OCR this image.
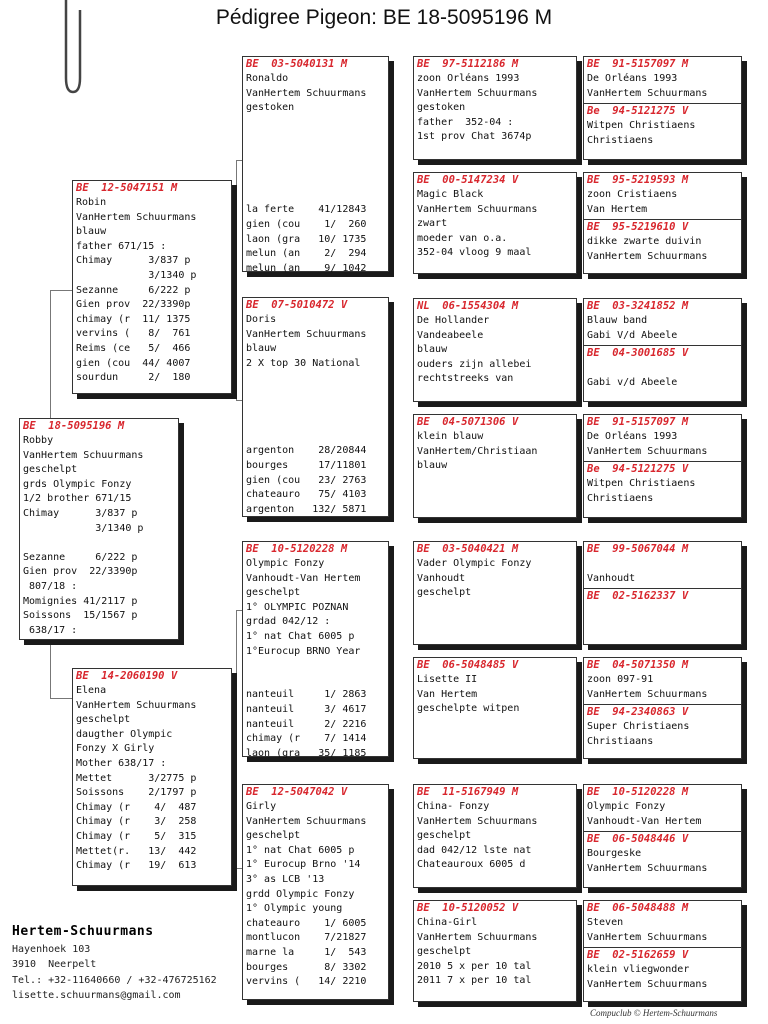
Pédigree Pigeon: BE 18-5095196 M
BE  18-5095196 M
Robby
VanHertem Schuurmans
geschelpt
grds Olympic Fonzy
1/2 brother 671/15
Chimay      3/837 p
3/1340 p
Sezanne     6/222 p
Gien prov  22/3390p
807/18 :
Momignies 41/2117 p
Soissons  15/1567 p
638/17 :
BE  12-5047151 M
Robin
VanHertem Schuurmans
blauw
father 671/15 :
Chimay      3/837 p
3/1340 p
Sezanne     6/222 p
Gien prov  22/3390p
chimay (r  11/ 1375
vervins (   8/  761
Reims (ce   5/  466
gien (cou  44/ 4007
sourdun     2/  180
BE  14-2060190 V
Elena
VanHertem Schuurmans
geschelpt
daugther Olympic
Fonzy X Girly
Mother 638/17 :
Mettet      3/2775 p
Soissons    2/1797 p
Chimay (r    4/  487
Chimay (r    3/  258
Chimay (r    5/  315
Mettet(r.   13/  442
Chimay (r   19/  613
BE  03-5040131 M
Ronaldo
VanHertem Schuurmans
gestoken
la ferte    41/12843
gien (cou    1/  260
laon (gra   10/ 1735
melun (an    2/  294
melun (an    9/ 1042
BE  07-5010472 V
Doris
VanHertem Schuurmans
blauw
2 X top 30 National
argenton    28/20844
bourges     17/11801
gien (cou   23/ 2763
chateauro   75/ 4103
argenton   132/ 5871
BE  10-5120228 M
Olympic Fonzy
Vanhoudt-Van Hertem
geschelpt
1° OLYMPIC POZNAN
grdad 042/12 :
1° nat Chat 6005 p
1°Eurocup BRNO Year
nanteuil     1/ 2863
nanteuil     3/ 4617
nanteuil     2/ 2216
chimay (r    7/ 1414
laon (gra   35/ 1185
BE  12-5047042 V
Girly
VanHertem Schuurmans
geschelpt
1° nat Chat 6005 p
1° Eurocup Brno '14
3° as LCB '13
grdd Olympic Fonzy
1° Olympic young
chateauro    1/ 6005
montlucon    7/21827
marne la     1/  543
bourges      8/ 3302
vervins (   14/ 2210
BE  97-5112186 M
zoon Orléans 1993
VanHertem Schuurmans
gestoken
father  352-04 :
1st prov Chat 3674p
BE  00-5147234 V
Magic Black
VanHertem Schuurmans
zwart
moeder van o.a.
352-04 vloog 9 maal
NL  06-1554304 M
De Hollander
Vandeabeele
blauw
ouders zijn allebei
rechtstreeks van
BE  04-5071306 V
klein blauw
VanHertem/Christiaan
blauw
BE  03-5040421 M
Vader Olympic Fonzy
Vanhoudt
geschelpt
BE  06-5048485 V
Lisette II
Van Hertem
geschelpte witpen
BE  11-5167949 M
China- Fonzy
VanHertem Schuurmans
geschelpt
dad 042/12 lste nat
Chateauroux 6005 d
BE  10-5120052 V
China-Girl
VanHertem Schuurmans
geschelpt
2010 5 x per 10 tal
2011 7 x per 10 tal
BE  91-5157097 M
De Orléans 1993
VanHertem Schuurmans
Be  94-5121275 V
Witpen Christiaens
Christiaens
BE  95-5219593 M
zoon Cristiaens
Van Hertem
BE  95-5219610 V
dikke zwarte duivin
VanHertem Schuurmans
BE  03-3241852 M
Blauw band
Gabi V/d Abeele
BE  04-3001685 V
Gabi v/d Abeele
BE  91-5157097 M
De Orléans 1993
VanHertem Schuurmans
Be  94-5121275 V
Witpen Christiaens
Christiaens
BE  99-5067044 M
Vanhoudt
BE  02-5162337 V
BE  04-5071350 M
zoon 097-91
VanHertem Schuurmans
BE  94-2340863 V
Super Christiaens
Christiaans
BE  10-5120228 M
Olympic Fonzy
Vanhoudt-Van Hertem
BE  06-5048446 V
Bourgeske
VanHertem Schuurmans
BE  06-5048488 M
Steven
VanHertem Schuurmans
BE  02-5162659 V
klein vliegwonder
VanHertem Schuurmans
Hertem-Schuurmans
Hayenhoek 103
3910  Neerpelt
Tel.: +32-11640660 / +32-476725162
lisette.schuurmans@gmail.com
Compuclub © Hertem-Schuurmans
